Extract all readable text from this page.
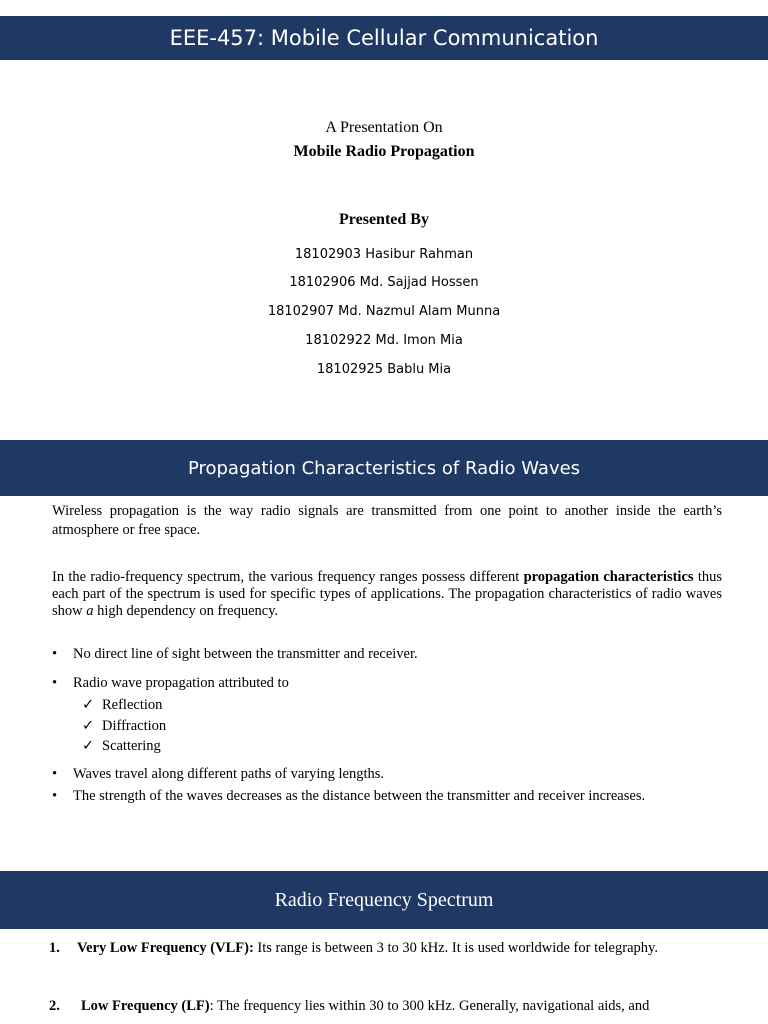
EEE-457: Mobile Cellular Communication
A Presentation On
Mobile Radio Propagation
Presented By
18102903 Hasibur Rahman
18102906 Md. Sajjad Hossen
18102907 Md. Nazmul Alam Munna
18102922 Md. Imon Mia
18102925 Bablu Mia
Propagation Characteristics of Radio Waves

Wireless propagation is the way radio signals are transmitted from one point to another inside the earth’s atmosphere or free space.

In the radio-frequency spectrum, the various frequency ranges possess different propagation characteristics thus each part of the spectrum is used for specific types of applications. The propagation characteristics of radio waves show a high dependency on frequency.

•	No direct line of sight between the transmitter and receiver.
•	Radio wave propagation attributed to
✓ Reflection
✓ Diffraction
✓ Scattering
•	Waves travel along different paths of varying lengths.
•	The strength of the waves decreases as the distance between the transmitter and receiver increases.
Radio Frequency Spectrum
1. Very Low Frequency (VLF): Its range is between 3 to 30 kHz. It is used worldwide for telegraphy.
2. Low Frequency (LF): The frequency lies within 30 to 300 kHz. Generally, navigational aids, and
